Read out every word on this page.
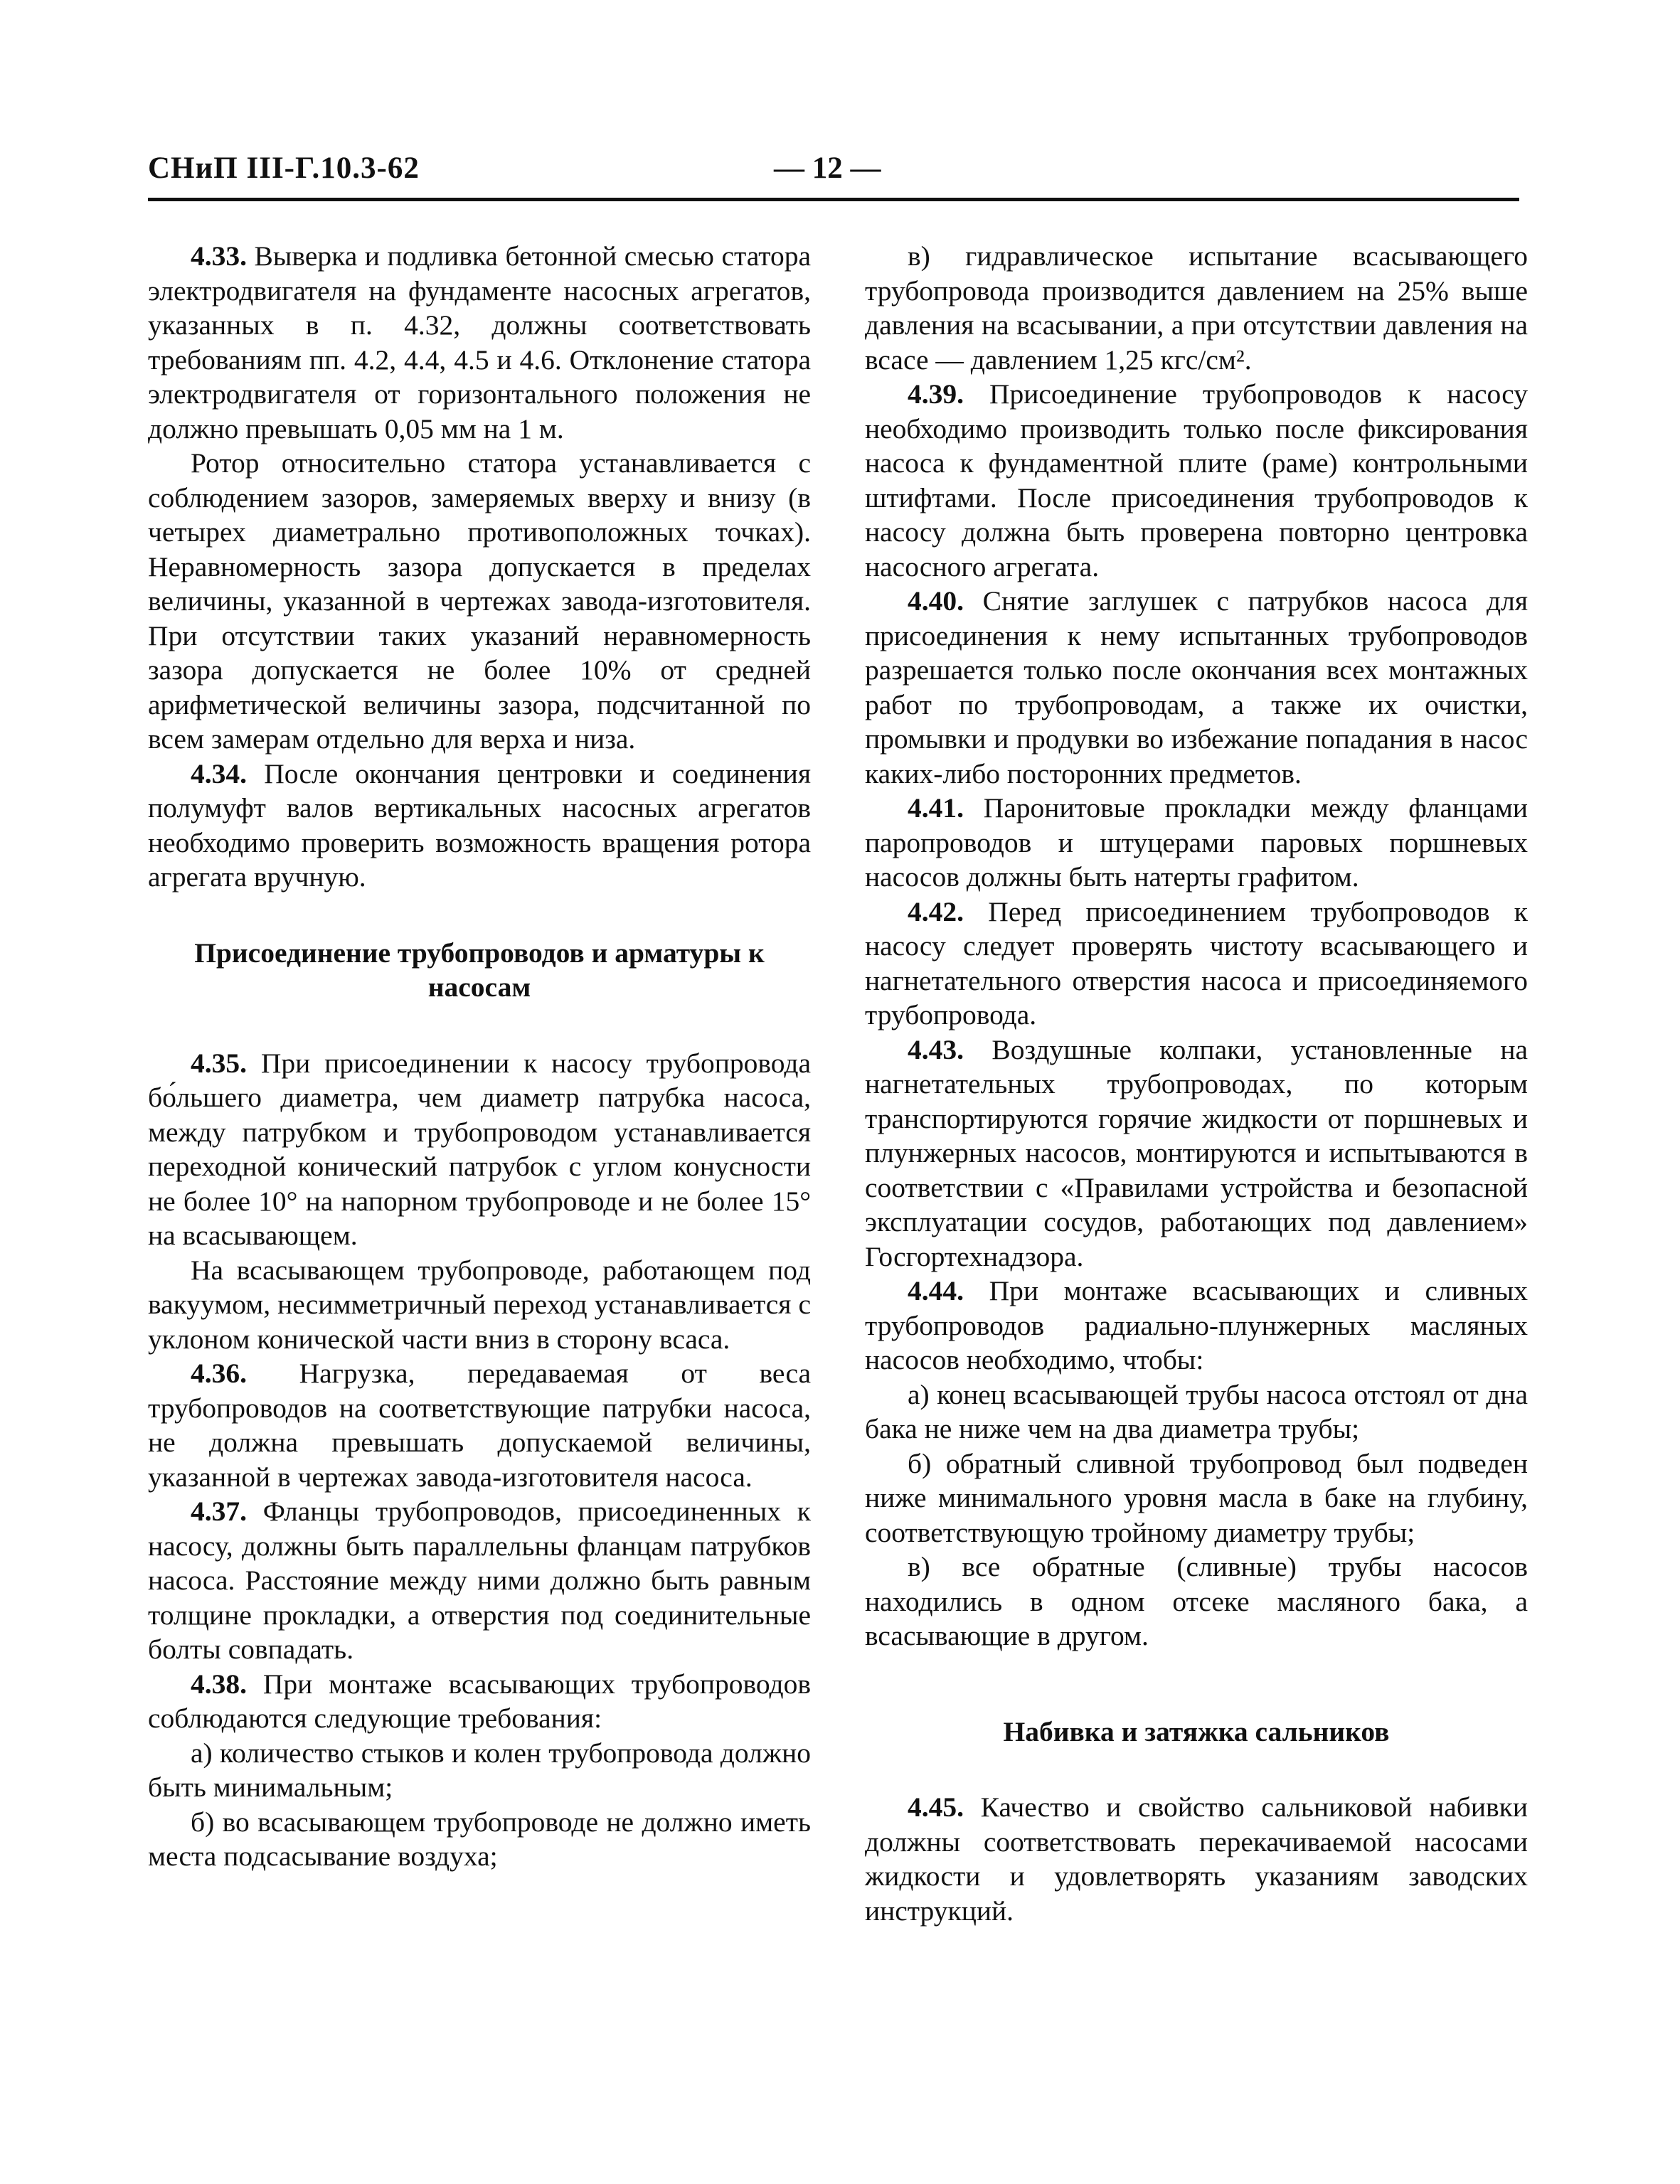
СНиП III-Г.10.3-62	— 12 —

4.33. Выверка и подливка бетонной смесью статора электродвигателя на фундаменте насосных агрегатов, указанных в п. 4.32, должны соответствовать требованиям пп. 4.2, 4.4, 4.5 и 4.6. Отклонение статора электродвигателя от горизонтального положения не должно превышать 0,05 мм на 1 м.

Ротор относительно статора устанавливается с соблюдением зазоров, замеряемых вверху и внизу (в четырех диаметрально противоположных точках). Неравномерность зазора допускается в пределах величины, указанной в чертежах завода-изготовителя. При отсутствии таких указаний неравномерность зазора допускается не более 10% от средней арифметической величины зазора, подсчитанной по всем замерам отдельно для верха и низа.

4.34. После окончания центровки и соединения полумуфт валов вертикальных насосных агрегатов необходимо проверить возможность вращения ротора агрегата вручную.

Присоединение трубопроводов и арматуры к насосам

4.35. При присоединении к насосу трубопровода бо́льшего диаметра, чем диаметр патрубка насоса, между патрубком и трубопроводом устанавливается переходной конический патрубок с углом конусности не более 10° на напорном трубопроводе и не более 15° на всасывающем.

На всасывающем трубопроводе, работающем под вакуумом, несимметричный переход устанавливается с уклоном конической части вниз в сторону всаса.

4.36. Нагрузка, передаваемая от веса трубопроводов на соответствующие патрубки насоса, не должна превышать допускаемой величины, указанной в чертежах завода-изготовителя насоса.

4.37. Фланцы трубопроводов, присоединенных к насосу, должны быть параллельны фланцам патрубков насоса. Расстояние между ними должно быть равным толщине прокладки, а отверстия под соединительные болты совпадать.

4.38. При монтаже всасывающих трубопроводов соблюдаются следующие требования:

а) количество стыков и колен трубопровода должно быть минимальным;

б) во всасывающем трубопроводе не должно иметь места подсасывание воздуха;

в) гидравлическое испытание всасывающего трубопровода производится давлением на 25% выше давления на всасывании, а при отсутствии давления на всасе — давлением 1,25 кгс/см².

4.39. Присоединение трубопроводов к насосу необходимо производить только после фиксирования насоса к фундаментной плите (раме) контрольными штифтами. После присоединения трубопроводов к насосу должна быть проверена повторно центровка насосного агрегата.

4.40. Снятие заглушек с патрубков насоса для присоединения к нему испытанных трубопроводов разрешается только после окончания всех монтажных работ по трубопроводам, а также их очистки, промывки и продувки во избежание попадания в насос каких-либо посторонних предметов.

4.41. Паронитовые прокладки между фланцами паропроводов и штуцерами паровых поршневых насосов должны быть натерты графитом.

4.42. Перед присоединением трубопроводов к насосу следует проверять чистоту всасывающего и нагнетательного отверстия насоса и присоединяемого трубопровода.

4.43. Воздушные колпаки, установленные на нагнетательных трубопроводах, по которым транспортируются горячие жидкости от поршневых и плунжерных насосов, монтируются и испытываются в соответствии с «Правилами устройства и безопасной эксплуатации сосудов, работающих под давлением» Госгортехнадзора.

4.44. При монтаже всасывающих и сливных трубопроводов радиально-плунжерных масляных насосов необходимо, чтобы:

а) конец всасывающей трубы насоса отстоял от дна бака не ниже чем на два диаметра трубы;

б) обратный сливной трубопровод был подведен ниже минимального уровня масла в баке на глубину, соответствующую тройному диаметру трубы;

в) все обратные (сливные) трубы насосов находились в одном отсеке масляного бака, а всасывающие в другом.

Набивка и затяжка сальников

4.45. Качество и свойство сальниковой набивки должны соответствовать перекачиваемой насосами жидкости и удовлетворять указаниям заводских инструкций.
